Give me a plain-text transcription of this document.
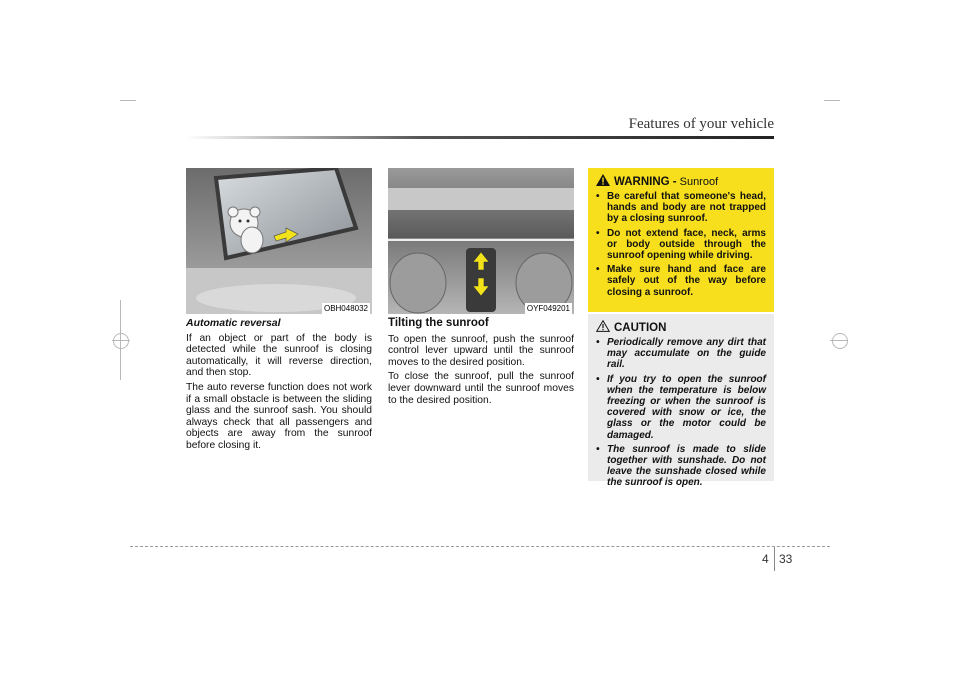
Features of your vehicle
OBH048032	OYF049201

Automatic reversal

If an object or part of the body is detected while the sunroof is closing automatically, it will reverse direction, and then stop.

The auto reverse function does not work if a small obstacle is between the sliding glass and the sunroof sash. You should always check that all passengers and objects are away from the sunroof before closing it.

Tilting the sunroof

To open the sunroof, push the sunroof control lever upward until the sunroof moves to the desired position.

To close the sunroof, pull the sunroof lever downward until the sunroof moves to the desired position.

WARNING - Sunroof
• Be careful that someone's head, hands and body are not trapped by a closing sunroof.
• Do not extend face, neck, arms or body outside through the sunroof opening while driving.
• Make sure hand and face are safely out of the way before closing a sunroof.
CAUTION
• Periodically remove any dirt that may accumulate on the guide rail.
• If you try to open the sunroof when the temperature is below freezing or when the sunroof is covered with snow or ice, the glass or the motor could be damaged.
• The sunroof is made to slide together with sunshade. Do not leave the sunshade closed while the sunroof is open.
4 33
